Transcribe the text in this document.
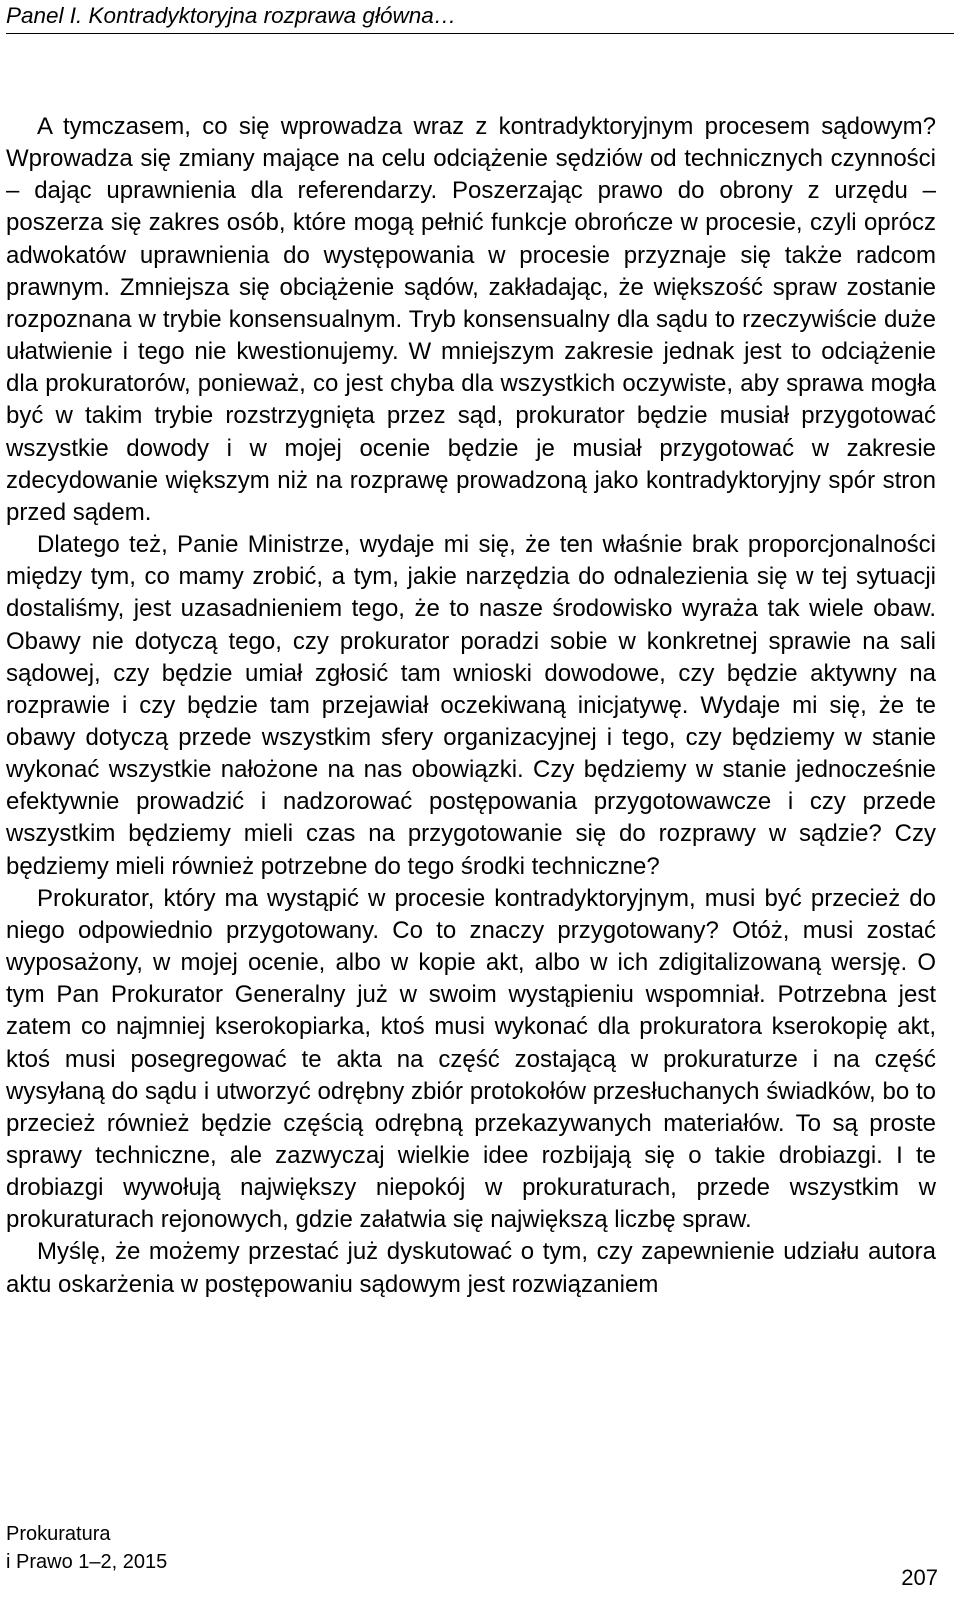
Panel I. Kontradyktoryjna rozprawa główna…

A tymczasem, co się wprowadza wraz z kontradyktoryjnym procesem sądowym? Wprowadza się zmiany mające na celu odciążenie sędziów od technicznych czynności – dając uprawnienia dla referendarzy. Poszerzając prawo do obrony z urzędu – poszerza się zakres osób, które mogą pełnić funkcje obrończe w procesie, czyli oprócz adwokatów uprawnienia do występowania w procesie przyznaje się także radcom prawnym. Zmniejsza się obciążenie sądów, zakładając, że większość spraw zostanie rozpoznana w trybie konsensualnym. Tryb konsensualny dla sądu to rzeczywiście duże ułatwienie i tego nie kwestionujemy. W mniejszym zakresie jednak jest to odciążenie dla prokuratorów, ponieważ, co jest chyba dla wszystkich oczywiste, aby sprawa mogła być w takim trybie rozstrzygnięta przez sąd, prokurator będzie musiał przygotować wszystkie dowody i w mojej ocenie będzie je musiał przygotować w zakresie zdecydowanie większym niż na rozprawę prowadzoną jako kontradyktoryjny spór stron przed sądem.

Dlatego też, Panie Ministrze, wydaje mi się, że ten właśnie brak proporcjonalności między tym, co mamy zrobić, a tym, jakie narzędzia do odnalezienia się w tej sytuacji dostaliśmy, jest uzasadnieniem tego, że to nasze środowisko wyraża tak wiele obaw. Obawy nie dotyczą tego, czy prokurator poradzi sobie w konkretnej sprawie na sali sądowej, czy będzie umiał zgłosić tam wnioski dowodowe, czy będzie aktywny na rozprawie i czy będzie tam przejawiał oczekiwaną inicjatywę. Wydaje mi się, że te obawy dotyczą przede wszystkim sfery organizacyjnej i tego, czy będziemy w stanie wykonać wszystkie nałożone na nas obowiązki. Czy będziemy w stanie jednocześnie efektywnie prowadzić i nadzorować postępowania przygotowawcze i czy przede wszystkim będziemy mieli czas na przygotowanie się do rozprawy w sądzie? Czy będziemy mieli również potrzebne do tego środki techniczne?

Prokurator, który ma wystąpić w procesie kontradyktoryjnym, musi być przecież do niego odpowiednio przygotowany. Co to znaczy przygotowany? Otóż, musi zostać wyposażony, w mojej ocenie, albo w kopie akt, albo w ich zdigitalizowaną wersję. O tym Pan Prokurator Generalny już w swoim wystąpieniu wspomniał. Potrzebna jest zatem co najmniej kserokopiarka, ktoś musi wykonać dla prokuratora kserokopię akt, ktoś musi posegregować te akta na część zostającą w prokuraturze i na część wysyłaną do sądu i utworzyć odrębny zbiór protokołów przesłuchanych świadków, bo to przecież również będzie częścią odrębną przekazywanych materiałów. To są proste sprawy techniczne, ale zazwyczaj wielkie idee rozbijają się o takie drobiazgi. I te drobiazgi wywołują największy niepokój w prokuraturach, przede wszystkim w prokuraturach rejonowych, gdzie załatwia się największą liczbę spraw.

Myślę, że możemy przestać już dyskutować o tym, czy zapewnienie udziału autora aktu oskarżenia w postępowaniu sądowym jest rozwiązaniem

Prokuratura
i Prawo 1–2, 2015
207
